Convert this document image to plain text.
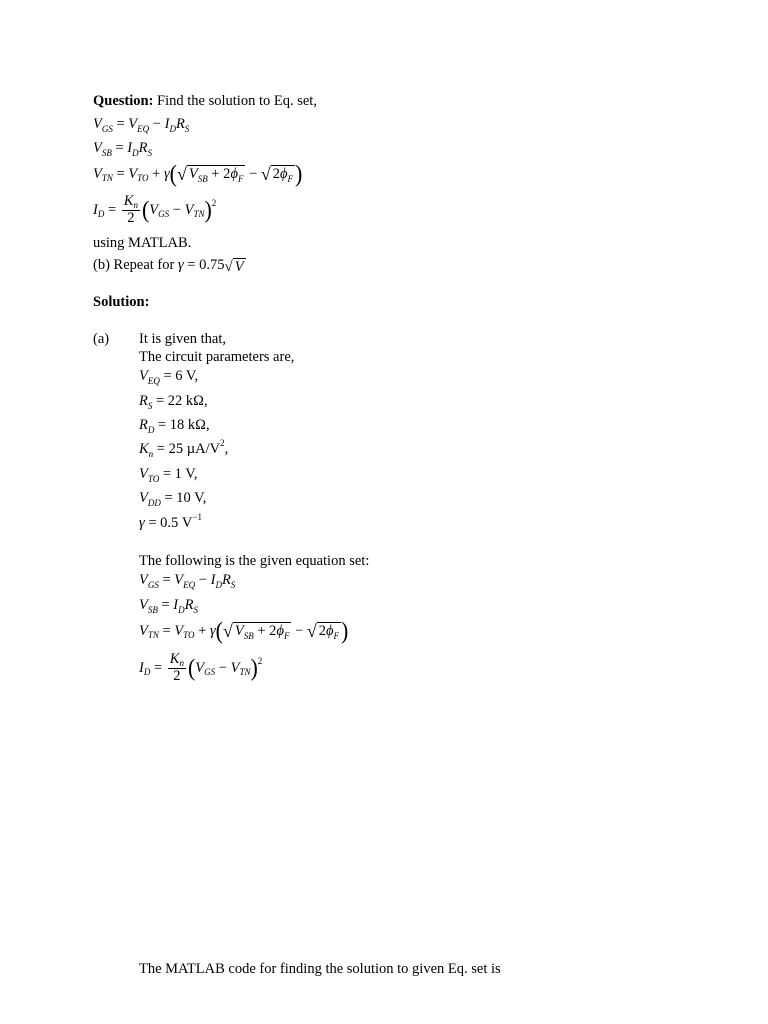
Question: Find the solution to Eq. set,
V GS = V EQ − I D R S
V SB = I D R S
V TN = V TO + γ ( √ $V_{SB} + 2\phi_F$ − √ $2\phi_F$ )
I $D = \frac{K_n}{2}$ ( V GS − V TN ) 2
using MATLAB.
(b) Repeat for γ = 0.75 √ V
Solution:
(a) It is given that,
The circuit parameters are,
$V_{EQ} = 6$ V,
$R_S = 22$ kΩ,
$R_D = 18$ kΩ,
$K_n = 25$ $\mu A/V^2$,
$V_{TO} = 1$ V,
$V_{DD} = 10$ V,
γ = 0.5 $V^{-1}$
The following is the given equation set:
V GS = V EQ − I D R S
V SB = I D R S
V TN = V TO + γ ( √ $V_{SB} + 2\phi_F$ − √ $2\phi_F$ )
I $D = \frac{K_n}{2}$ ( V GS − V TN ) 2
The MATLAB code for finding the solution to given Eq. set is
